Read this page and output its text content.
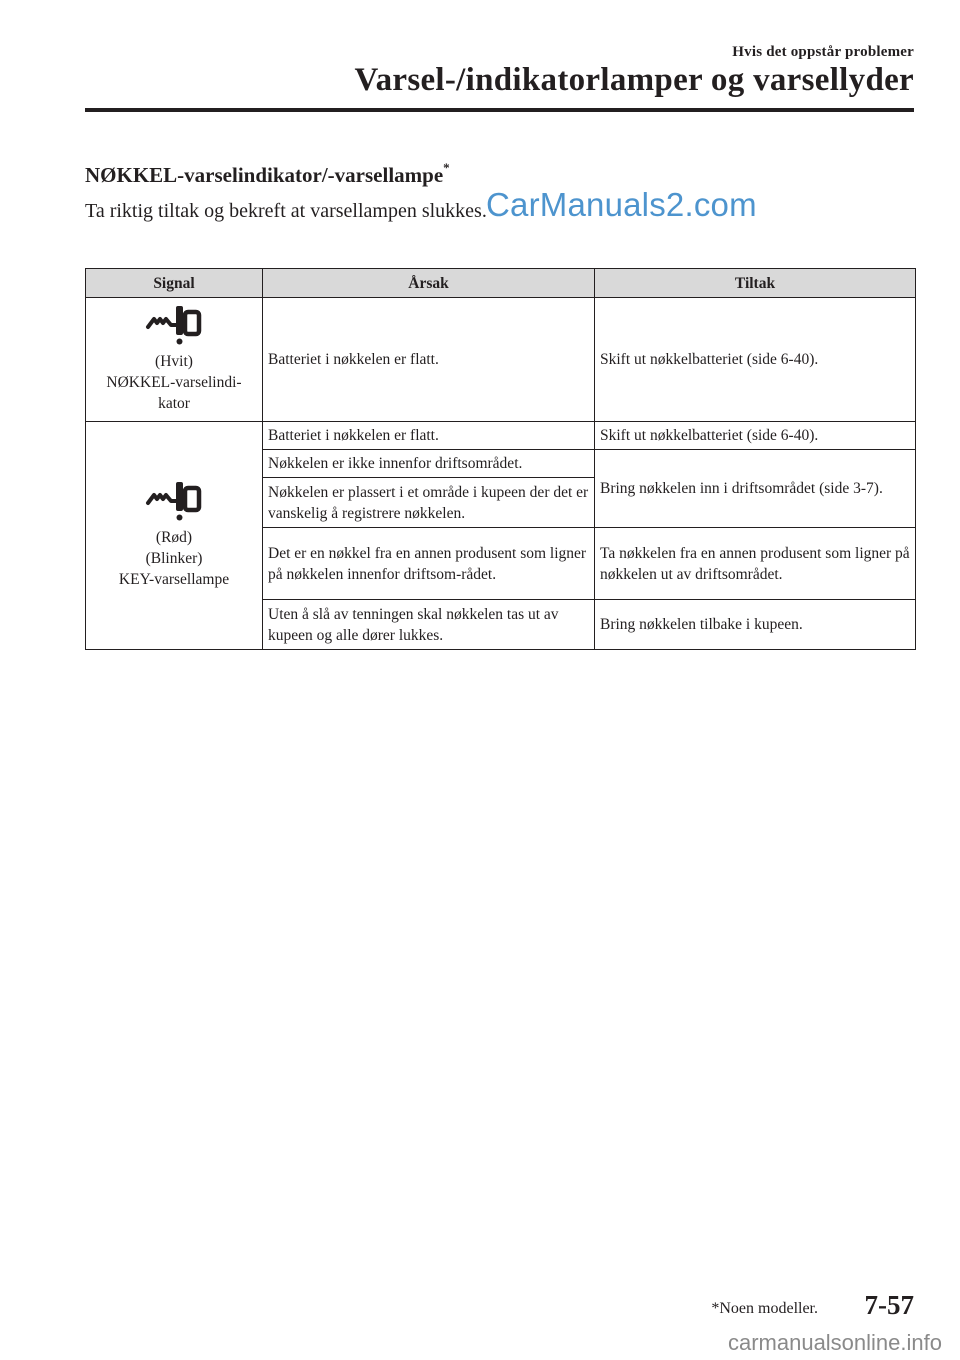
Hvis det oppstår problemer
Varsel-/indikatorlamper og varsellyder
NØKKEL-varselindikator/-varsellampe*
Ta riktig tiltak og bekreft at varsellampen slukkes. CarManuals2.com
Signal	Årsak	Tiltak

(Hvit)
NØKKEL-varselindi-
kator	Batteriet i nøkkelen er flatt.	Skift ut nøkkelbatteriet (side 6-40).

(Rød)
(Blinker)
KEY-varsellampe	Batteriet i nøkkelen er flatt.	Skift ut nøkkelbatteriet (side 6-40).
	Nøkkelen er ikke innenfor driftsområdet.	Bring nøkkelen inn i driftsområdet (side 3-7).
	Nøkkelen er plassert i et område i kupeen der det er vanskelig å registrere nøkkelen.	
	Det er en nøkkel fra en annen produsent som ligner på nøkkelen innenfor driftsom-rådet.	Ta nøkkelen fra en annen produsent som ligner på nøkkelen ut av driftsområdet.
	Uten å slå av tenningen skal nøkkelen tas ut av kupeen og alle dører lukkes.	Bring nøkkelen tilbake i kupeen.
*Noen modeller. 7-57
carmanualsonline.info
